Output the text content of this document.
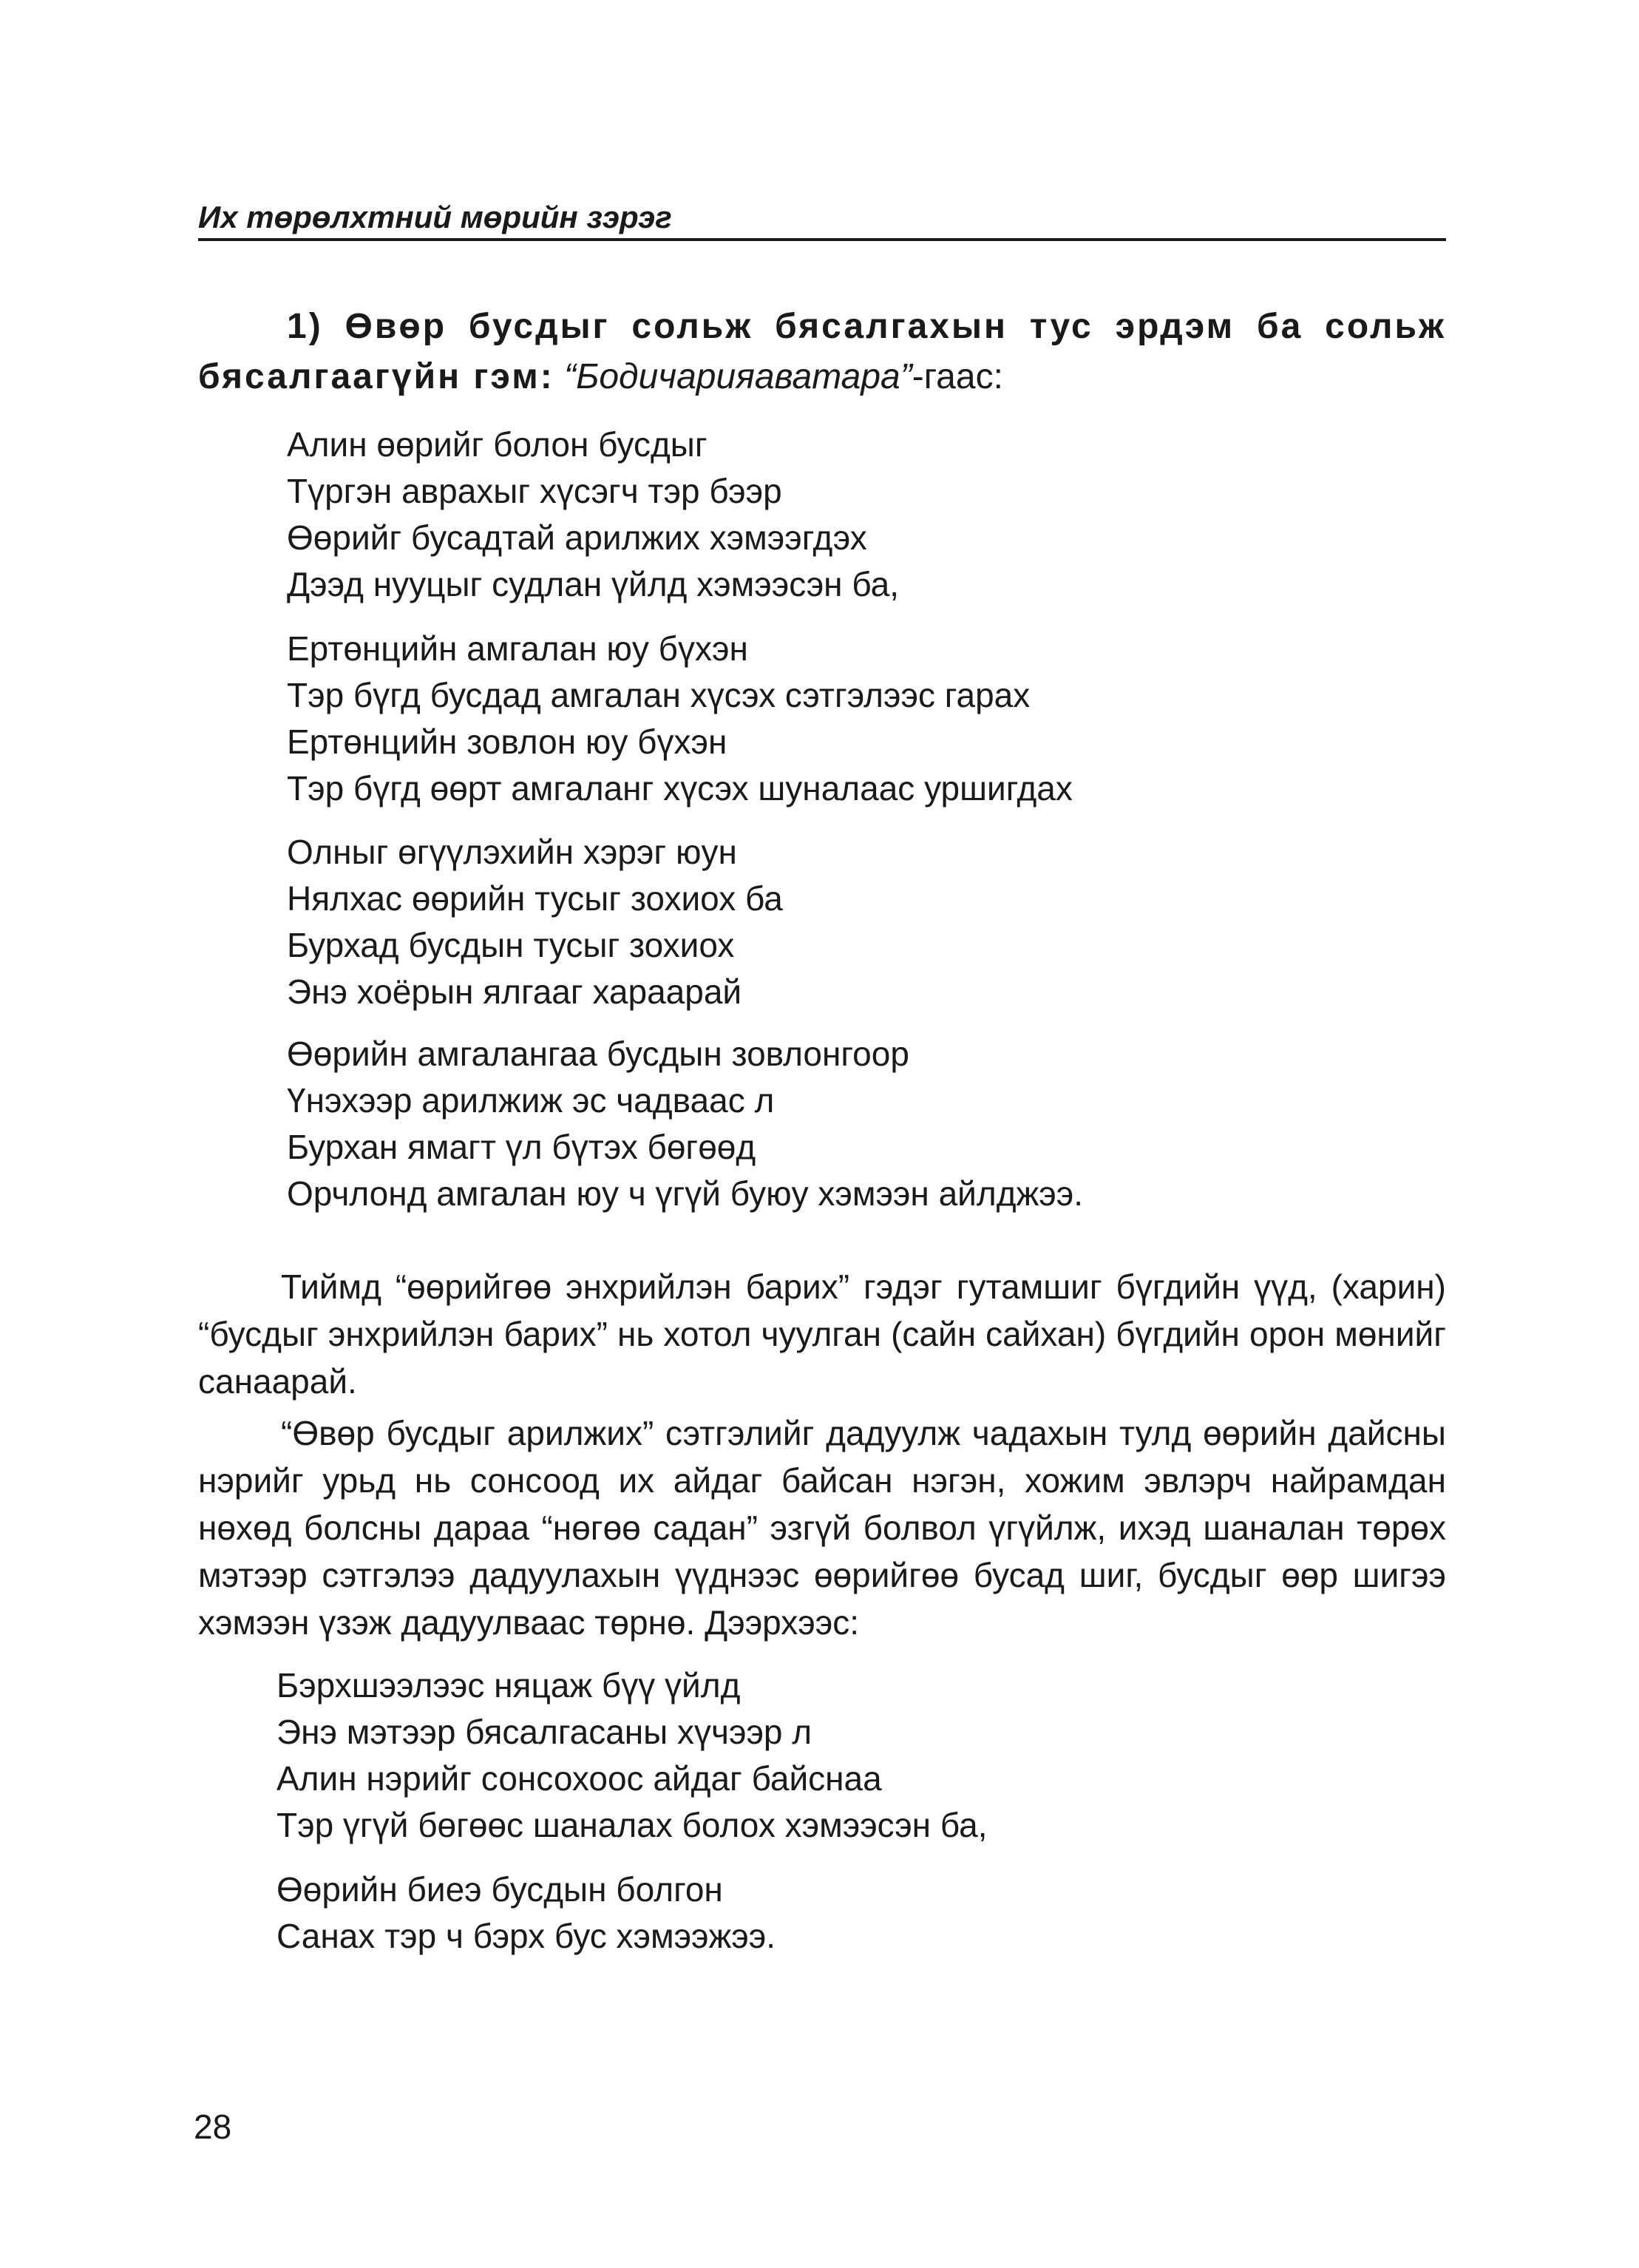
Их төрөлхтний мөрийн зэрэг
1) Өвөр бусдыг сольж бясалгахын тус эрдэм ба сольж бясалгаагүйн гэм: “Бодичарияаватара”-гаас:
Алин өөрийг болон бусдыг
Түргэн аврахыг хүсэгч тэр бээр
Өөрийг бусадтай арилжих хэмээгдэх
Дээд нууцыг судлан үйлд хэмээсэн ба,
Ертөнцийн амгалан юу бүхэн
Тэр бүгд бусдад амгалан хүсэх сэтгэлээс гарах
Ертөнцийн зовлон юу бүхэн
Тэр бүгд өөрт амгаланг хүсэх шуналаас уршигдах
Олныг өгүүлэхийн хэрэг юун
Нялхас өөрийн тусыг зохиох ба
Бурхад бусдын тусыг зохиох
Энэ хоёрын ялгааг хараарай
Өөрийн амгалангаа бусдын зовлонгоор
Үнэхээр арилжиж эс чадваас л
Бурхан ямагт үл бүтэх бөгөөд
Орчлонд амгалан юу ч үгүй буюу хэмээн айлджээ.
Тиймд “өөрийгөө энхрийлэн барих” гэдэг гутамшиг бүгдийн үүд, (харин) “бусдыг энхрийлэн барих” нь хотол чуулган (сайн сайхан) бүгдийн орон мөнийг санаарай.
“Өвөр бусдыг арилжих” сэтгэлийг дадуулж чадахын тулд өөрийн дайсны нэрийг урьд нь сонсоод их айдаг байсан нэгэн, хожим эвлэрч найрамдан нөхөд болсны дараа “нөгөө садан” эзгүй болвол үгүйлж, ихэд шаналан төрөх мэтээр сэтгэлээ дадуулахын үүднээс өөрийгөө бусад шиг, бусдыг өөр шигээ хэмээн үзэж дадуулваас төрнө. Дээрхээс:
Бэрхшээлээс няцаж бүү үйлд
Энэ мэтээр бясалгасаны хүчээр л
Алин нэрийг сонсохоос айдаг байснаа
Тэр үгүй бөгөөс шаналах болох хэмээсэн ба,
Өөрийн биеэ бусдын болгон
Санах тэр ч бэрх бус хэмээжээ.
28
